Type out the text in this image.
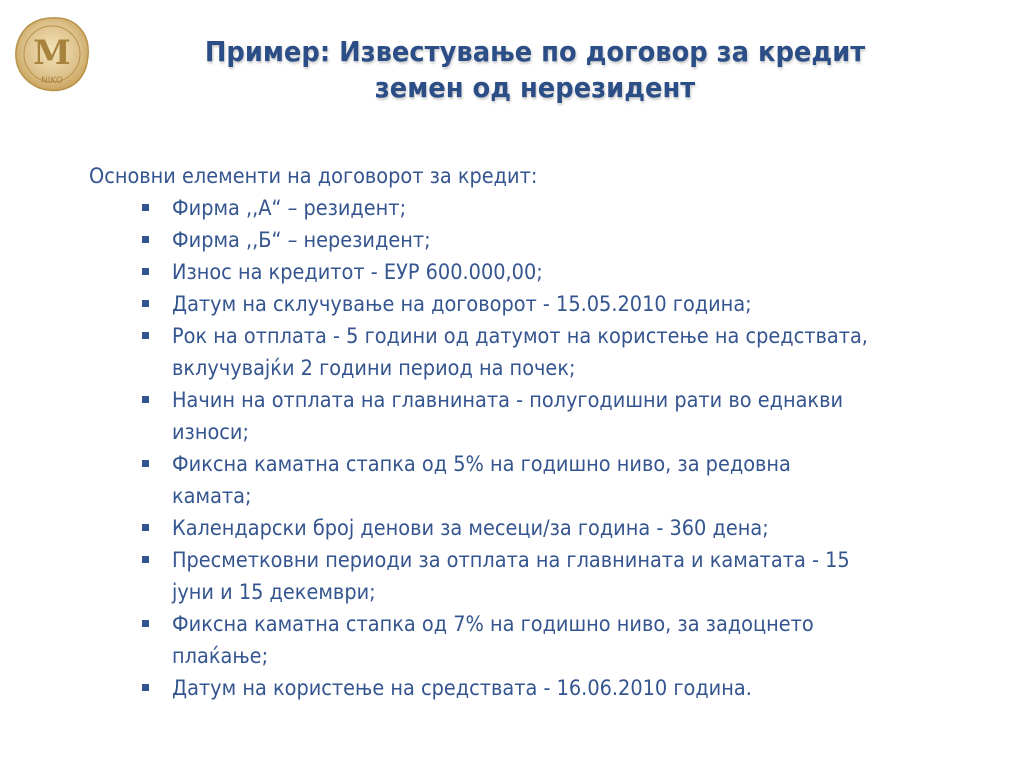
M
NIKO
Пример: Известување по договор за кредит
земен од нерезидент
Основни елементи на договорот за кредит:
Фирма ,,А“ – резидент;
Фирма ,,Б“ – нерезидент;
Износ на кредитот - ЕУР 600.000,00;
Датум на склучување на договорот - 15.05.2010 година;
Рок на отплата - 5 години од датумот на користење на средствата, вклучувајќи 2 години период на почек;
Начин на отплата на главнината - полугодишни рати во еднакви износи;
Фиксна каматна стапка од 5% на годишно ниво, за редовна камата;
Календарски број денови за месеци/за година - 360 дена;
Пресметковни периоди за отплата на главнината и каматата - 15 јуни и 15 декември;
Фиксна каматна стапка од 7% на годишно ниво, за задоцнето плаќање;
Датум на користење на средствата - 16.06.2010 година.
